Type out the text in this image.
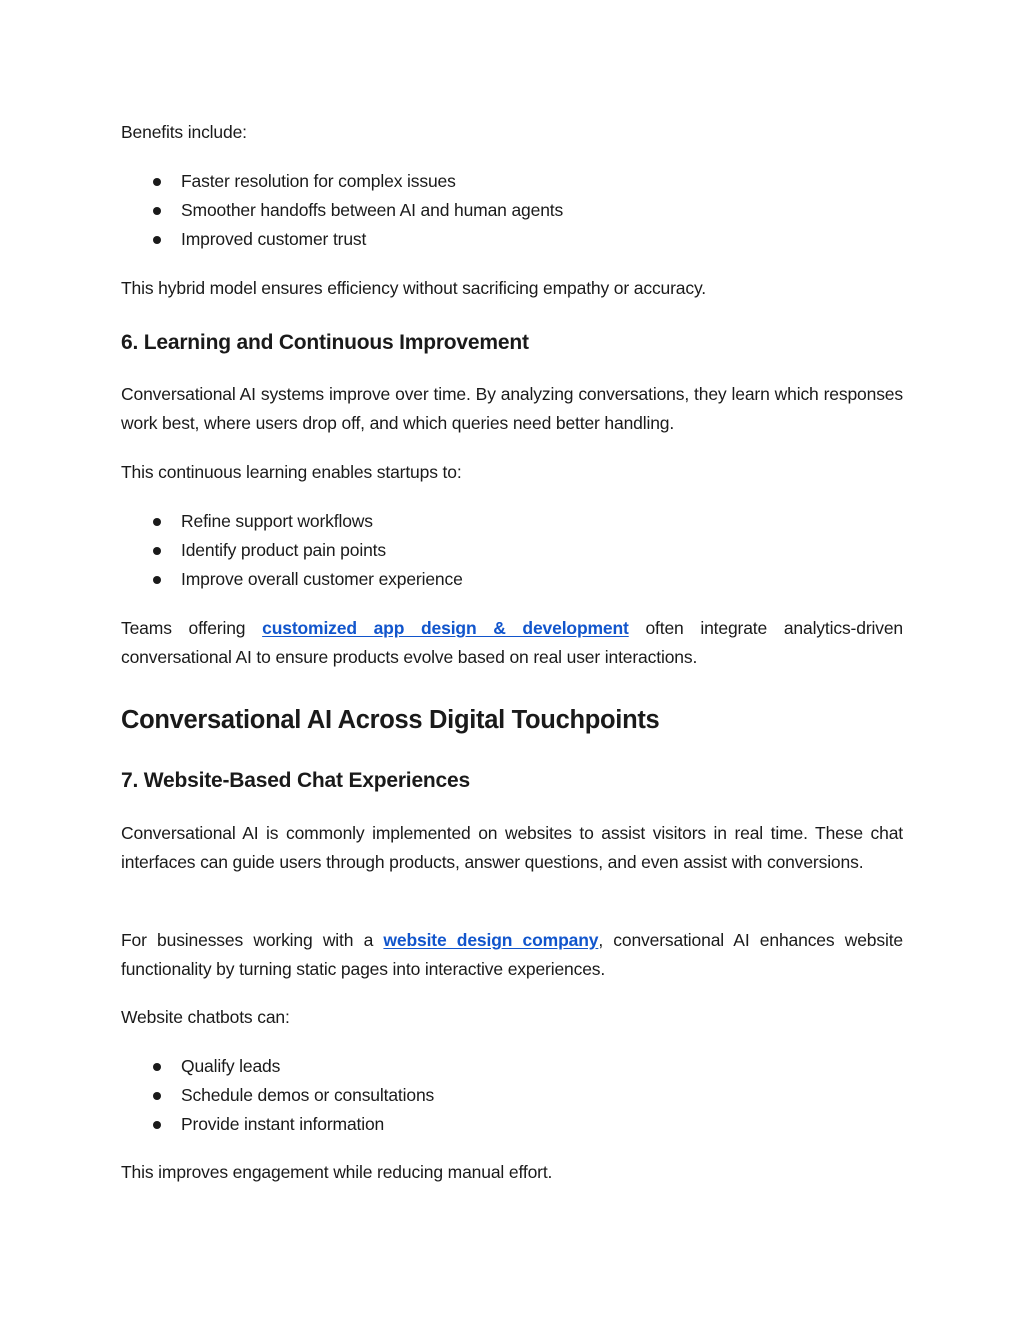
Benefits include:

Faster resolution for complex issues
Smoother handoffs between AI and human agents
Improved customer trust

This hybrid model ensures efficiency without sacrificing empathy or accuracy.

6. Learning and Continuous Improvement

Conversational AI systems improve over time. By analyzing conversations, they learn which responses work best, where users drop off, and which queries need better handling.

This continuous learning enables startups to:

Refine support workflows
Identify product pain points
Improve overall customer experience

Teams offering customized app design & development often integrate analytics-driven conversational AI to ensure products evolve based on real user interactions.

Conversational AI Across Digital Touchpoints
7. Website-Based Chat Experiences

Conversational AI is commonly implemented on websites to assist visitors in real time. These chat interfaces can guide users through products, answer questions, and even assist with conversions.

For businesses working with a website design company, conversational AI enhances website functionality by turning static pages into interactive experiences.

Website chatbots can:

Qualify leads
Schedule demos or consultations
Provide instant information

This improves engagement while reducing manual effort.
